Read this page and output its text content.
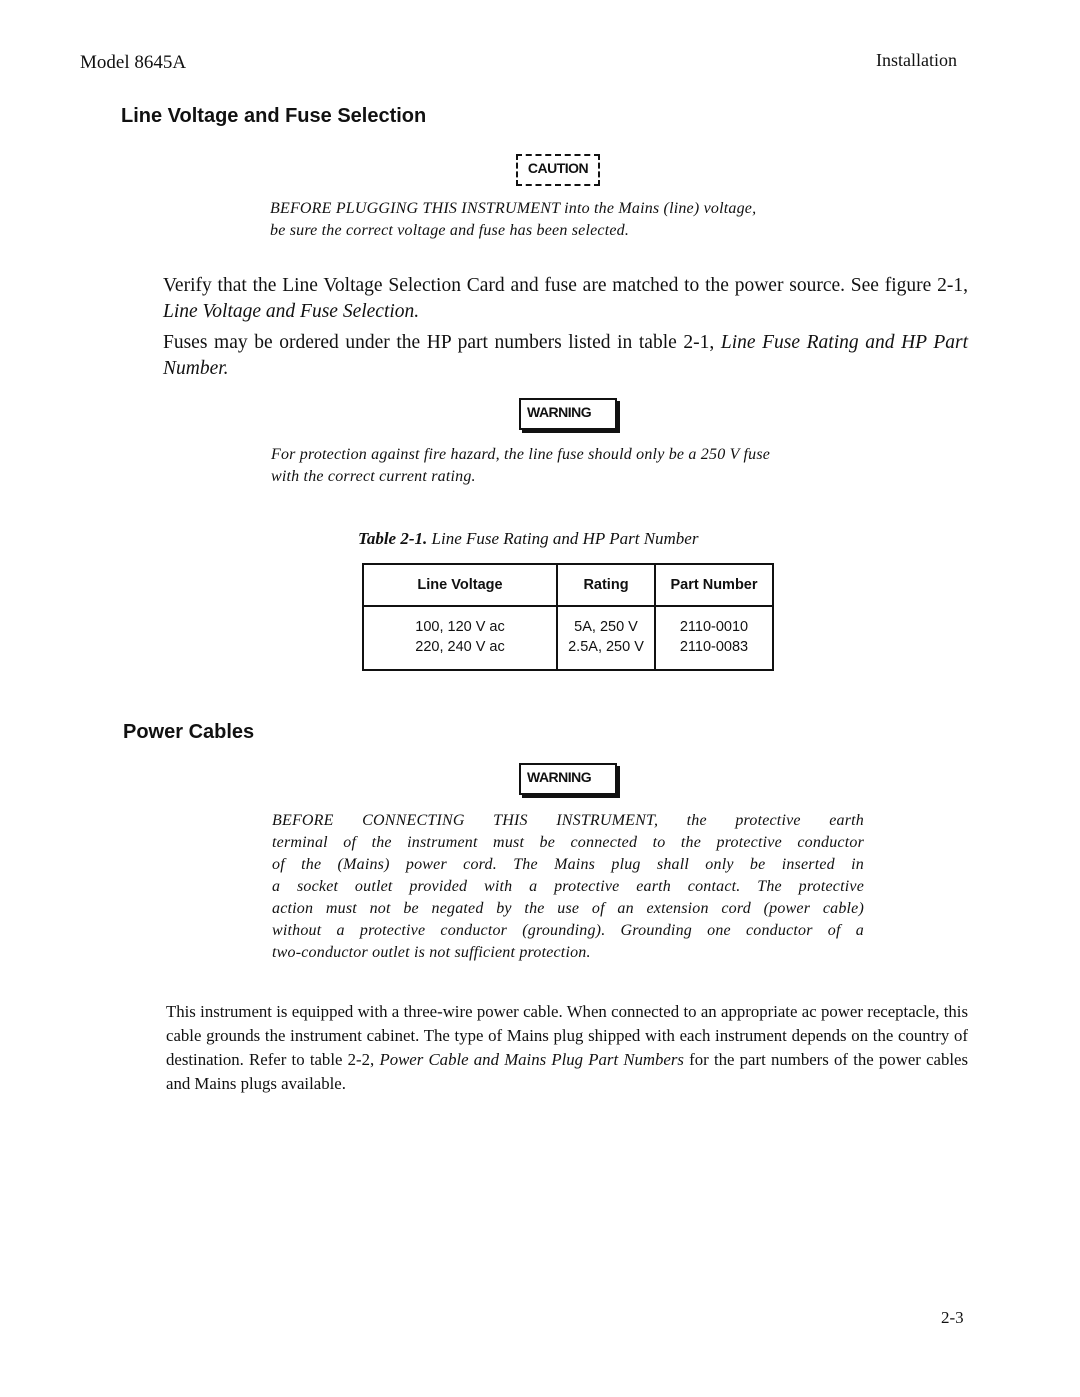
Model 8645A	Installation
Line Voltage and Fuse Selection
CAUTION
BEFORE PLUGGING THIS INSTRUMENT into the Mains (line) voltage,
be sure the correct voltage and fuse has been selected.
Verify that the Line Voltage Selection Card and fuse are matched to the power source. See figure 2-1, Line Voltage and Fuse Selection.
Fuses may be ordered under the HP part numbers listed in table 2-1, Line Fuse Rating and HP Part Number.
WARNING
For protection against fire hazard, the line fuse should only be a 250 V fuse
with the correct current rating.
Table 2-1. Line Fuse Rating and HP Part Number
Line Voltage	Rating	Part Number
100, 120 V ac	5A, 250 V	2110-0010
220, 240 V ac	2.5A, 250 V	2110-0083
Power Cables
WARNING
BEFORE CONNECTING THIS INSTRUMENT, the protective earth
terminal of the instrument must be connected to the protective conductor
of the (Mains) power cord. The Mains plug shall only be inserted in
a socket outlet provided with a protective earth contact. The protective
action must not be negated by the use of an extension cord (power cable)
without a protective conductor (grounding). Grounding one conductor of a
two-conductor outlet is not sufficient protection.
This instrument is equipped with a three-wire power cable. When connected to an appropriate ac power receptacle, this cable grounds the instrument cabinet. The type of Mains plug shipped with each instrument depends on the country of destination. Refer to table 2-2, Power Cable and Mains Plug Part Numbers for the part numbers of the power cables and Mains plugs available.
2-3
